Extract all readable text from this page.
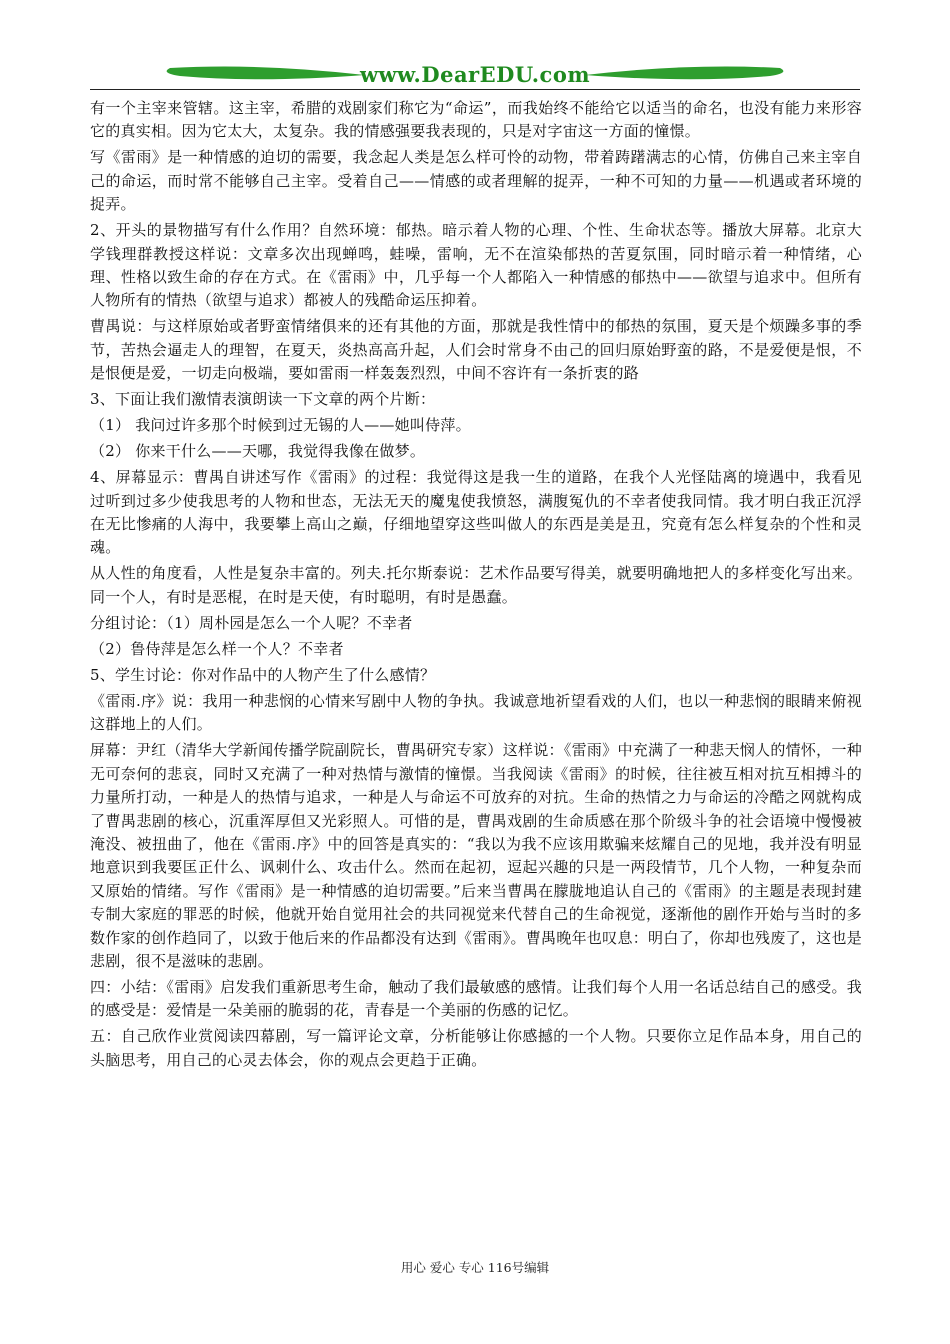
www.DearEDU.com

有一个主宰来管辖。这主宰，希腊的戏剧家们称它为“命运”，而我始终不能给它以适当的命名，也没有能力来形容它的真实相。因为它太大，太复杂。我的情感强要我表现的，只是对字宙这一方面的憧憬。

写《雷雨》是一种情感的迫切的需要，我念起人类是怎么样可怜的动物，带着踌躇满志的心情，仿佛自己来主宰自己的命运，而时常不能够自己主宰。受着自己——情感的或者理解的捉弄，一种不可知的力量——机遇或者环境的捉弄。

2、开头的景物描写有什么作用？自然环境：郁热。暗示着人物的心理、个性、生命状态等。播放大屏幕。北京大学钱理群教授这样说：文章多次出现蝉鸣，蛙噪，雷响，无不在渲染郁热的苦夏氛围，同时暗示着一种情绪，心理、性格以致生命的存在方式。在《雷雨》中，几乎每一个人都陷入一种情感的郁热中——欲望与追求中。但所有人物所有的情热（欲望与追求）都被人的残酷命运压抑着。

曹禺说：与这样原始或者野蛮情绪俱来的还有其他的方面，那就是我性情中的郁热的氛围，夏天是个烦躁多事的季节，苦热会逼走人的理智，在夏天，炎热高高升起，人们会时常身不由己的回归原始野蛮的路，不是爱便是恨，不是恨便是爱，一切走向极端，要如雷雨一样轰轰烈烈，中间不容许有一条折衷的路

3、下面让我们激情表演朗读一下文章的两个片断：

（1） 我问过许多那个时候到过无锡的人——她叫侍萍。

（2） 你来干什么——天哪，我觉得我像在做梦。

4、屏幕显示：曹禺自讲述写作《雷雨》的过程：我觉得这是我一生的道路，在我个人光怪陆离的境遇中，我看见过听到过多少使我思考的人物和世态，无法无天的魔鬼使我愤怒，满腹冤仇的不幸者使我同情。我才明白我正沉浮在无比惨痛的人海中，我要攀上高山之巅，仔细地望穿这些叫做人的东西是美是丑，究竟有怎么样复杂的个性和灵魂。

从人性的角度看，人性是复杂丰富的。列夫.托尔斯泰说：艺术作品要写得美，就要明确地把人的多样变化写出来。同一个人，有时是恶棍，在时是天使，有时聪明，有时是愚蠢。

分组讨论：（1）周朴园是怎么一个人呢？不幸者

（2）鲁侍萍是怎么样一个人？不幸者

5、学生讨论：你对作品中的人物产生了什么感情？

《雷雨.序》说：我用一种悲悯的心情来写剧中人物的争执。我诚意地祈望看戏的人们，也以一种悲悯的眼睛来俯视这群地上的人们。

屏幕：尹红（清华大学新闻传播学院副院长，曹禺研究专家）这样说：《雷雨》中充满了一种悲天悯人的情怀，一种无可奈何的悲哀，同时又充满了一种对热情与激情的憧憬。当我阅读《雷雨》的时候，往往被互相对抗互相搏斗的力量所打动，一种是人的热情与追求，一种是人与命运不可放弃的对抗。生命的热情之力与命运的冷酷之网就构成了曹禺悲剧的核心，沉重浑厚但又光彩照人。可惜的是，曹禺戏剧的生命质感在那个阶级斗争的社会语境中慢慢被淹没、被扭曲了，他在《雷雨.序》中的回答是真实的：“我以为我不应该用欺骗来炫耀自己的见地，我并没有明显地意识到我要匡正什么、讽刺什么、攻击什么。然而在起初，逗起兴趣的只是一两段情节，几个人物，一种复杂而又原始的情绪。写作《雷雨》是一种情感的迫切需要。”后来当曹禺在朦胧地追认自己的《雷雨》的主题是表现封建专制大家庭的罪恶的时候，他就开始自觉用社会的共同视觉来代替自己的生命视觉，逐渐他的剧作开始与当时的多数作家的创作趋同了，以致于他后来的作品都没有达到《雷雨》。曹禺晚年也叹息：明白了，你却也残废了，这也是悲剧，很不是滋味的悲剧。

四：小结：《雷雨》启发我们重新思考生命，触动了我们最敏感的感情。让我们每个人用一名话总结自己的感受。我的感受是：爱情是一朵美丽的脆弱的花，青春是一个美丽的伤感的记忆。

五：自己欣作业赏阅读四幕剧，写一篇评论文章，分析能够让你感撼的一个人物。只要你立足作品本身，用自己的头脑思考，用自己的心灵去体会，你的观点会更趋于正确。

用心 爱心 专心 116号编辑
